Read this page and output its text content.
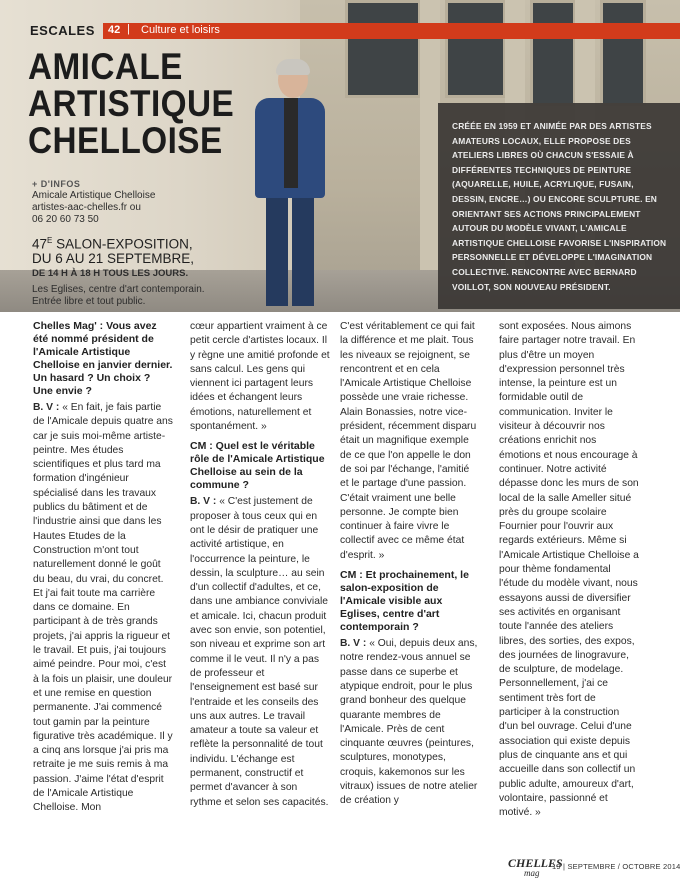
ESCALES 42 | Culture et loisirs
AMICALE
ARTISTIQUE
CHELLOISE
+ D'INFOS
Amicale Artistique Chelloise
artistes-aac-chelles.fr ou
06 20 60 73 50
$47^E$ SALON-EXPOSITION,
DU 6 AU 21 SEPTEMBRE,
DE 14 H À 18 H TOUS LES JOURS.
Les Eglises, centre d'art contemporain.
Entrée libre et tout public.

CRÉÉE EN 1959 ET ANIMÉE PAR DES ARTISTES AMATEURS LOCAUX, ELLE PROPOSE DES ATELIERS LIBRES OÙ CHACUN S'ESSAIE À DIFFÉRENTES TECHNIQUES DE PEINTURE (AQUARELLE, HUILE, ACRYLIQUE, FUSAIN, DESSIN, ENCRE…) OU ENCORE SCULPTURE. EN ORIENTANT SES ACTIONS PRINCIPALEMENT AUTOUR DU MODÈLE VIVANT, L'AMICALE ARTISTIQUE CHELLOISE FAVORISE L'INSPIRATION PERSONNELLE ET DÉVELOPPE L'IMAGINATION COLLECTIVE. RENCONTRE AVEC BERNARD VOILLOT, SON NOUVEAU PRÉSIDENT.

Chelles Mag' : Vous avez été nommé président de l'Amicale Artistique Chelloise en janvier dernier. Un hasard ? Un choix ? Une envie ?

B. V : « En fait, je fais partie de l'Amicale depuis quatre ans car je suis moi-même artiste-peintre. Mes études scientifiques et plus tard ma formation d'ingénieur spécialisé dans les travaux publics du bâtiment et de l'industrie ainsi que dans les Hautes Etudes de la Construction m'ont tout naturellement donné le goût du beau, du vrai, du concret. Et j'ai fait toute ma carrière dans ce domaine. En participant à de très grands projets, j'ai appris la rigueur et le travail. Et puis, j'ai toujours aimé peindre. Pour moi, c'est à la fois un plaisir, une douleur et une remise en question permanente. J'ai commencé tout gamin par la peinture figurative très académique. Il y a cinq ans lorsque j'ai pris ma retraite je me suis remis à ma passion. J'aime l'état d'esprit de l'Amicale Artistique Chelloise. Mon

cœur appartient vraiment à ce petit cercle d'artistes locaux. Il y règne une amitié profonde et sans calcul. Les gens qui viennent ici partagent leurs idées et échangent leurs émotions, naturellement et spontanément. »

CM : Quel est le véritable rôle de l'Amicale Artistique Chelloise au sein de la commune ?

B. V : « C'est justement de proposer à tous ceux qui en ont le désir de pratiquer une activité artistique, en l'occurrence la peinture, le dessin, la sculpture… au sein d'un collectif d'adultes, et ce, dans une ambiance conviviale et amicale. Ici, chacun produit avec son envie, son potentiel, son niveau et exprime son art comme il le veut. Il n'y a pas de professeur et l'enseignement est basé sur l'entraide et les conseils des uns aux autres. Le travail amateur a toute sa valeur et reflète la personnalité de tout individu. L'échange est permanent, constructif et permet d'avancer à son rythme et selon ses capacités.

C'est véritablement ce qui fait la différence et me plait. Tous les niveaux se rejoignent, se rencontrent et en cela l'Amicale Artistique Chelloise possède une vraie richesse. Alain Bonassies, notre vice-président, récemment disparu était un magnifique exemple de ce que l'on appelle le don de soi par l'échange, l'amitié et le partage d'une passion. C'était vraiment une belle personne. Je compte bien continuer à faire vivre le collectif avec ce même état d'esprit. »

CM : Et prochainement, le salon-exposition de l'Amicale visible aux Eglises, centre d'art contemporain ?

B. V : « Oui, depuis deux ans, notre rendez-vous annuel se passe dans ce superbe et atypique endroit, pour le plus grand bonheur des quelque quarante membres de l'Amicale. Près de cent cinquante œuvres (peintures, sculptures, monotypes, croquis, kakemonos sur les vitraux) issues de notre atelier de création y

sont exposées. Nous aimons faire partager notre travail. En plus d'être un moyen d'expression personnel très intense, la peinture est un formidable outil de communication. Inviter le visiteur à découvrir nos créations enrichit nos émotions et nous encourage à continuer. Notre activité dépasse donc les murs de son local de la salle Ameller situé près du groupe scolaire Fournier pour l'ouvrir aux regards extérieurs. Même si l'Amicale Artistique Chelloise a pour thème fondamental l'étude du modèle vivant, nous essayons aussi de diversifier ses activités en organisant toute l'année des ateliers libres, des sorties, des expos, des journées de linogravure, de sculpture, de modelage. Personnellement, j'ai ce sentiment très fort de participer à la construction d'un bel ouvrage. Celui d'une association qui existe depuis plus de cinquante ans et qui accueille dans son collectif un public adulte, amoureux d'art, volontaire, passionné et motivé. »

CHELLES
mag
19 | SEPTEMBRE / OCTOBRE 2014
